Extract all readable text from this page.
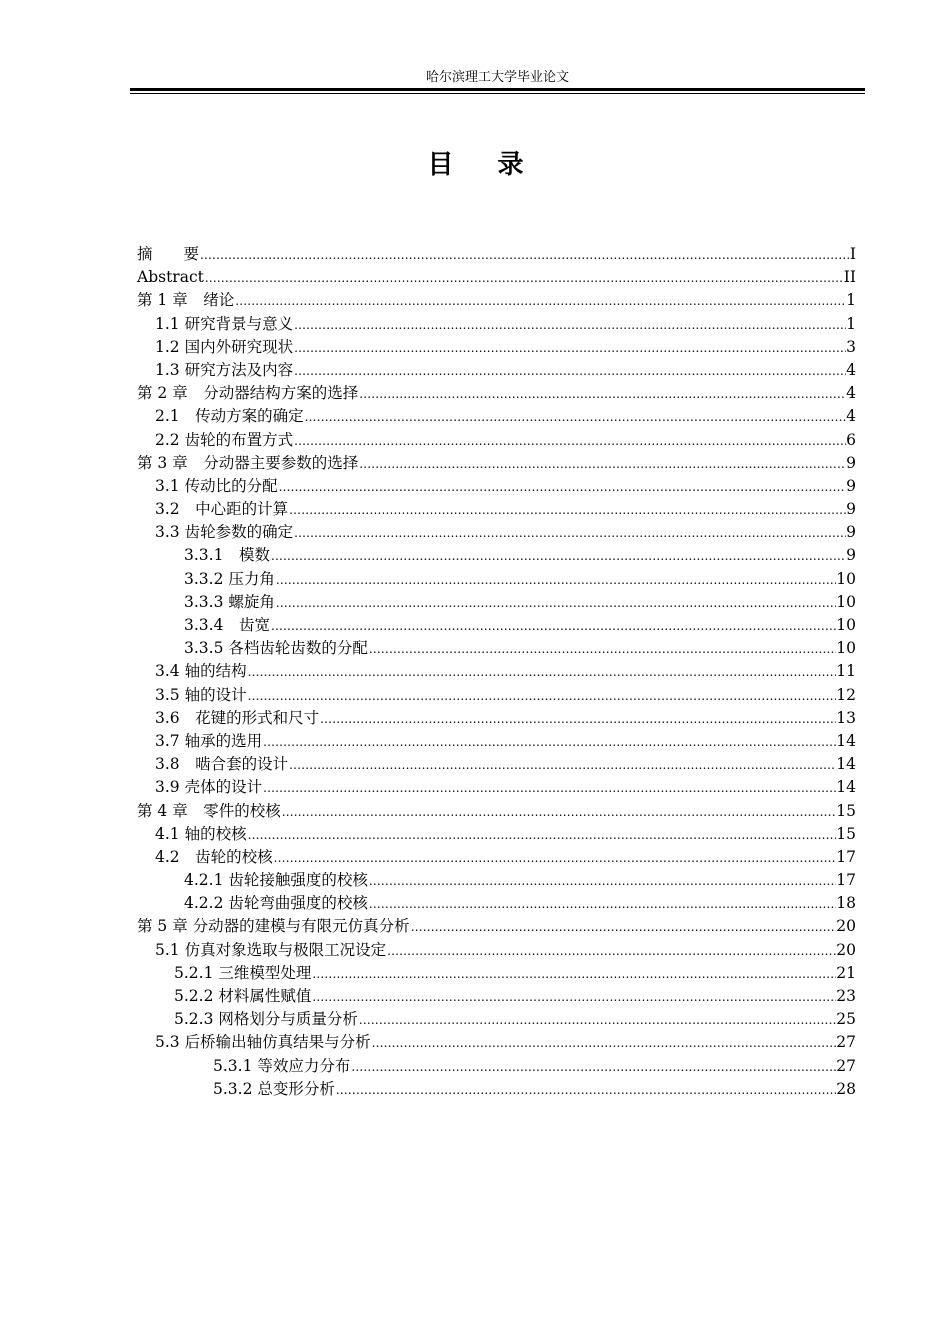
哈尔滨理工大学毕业论文
目录
摘　　要 .....	I
Abstract .....	II
第 1 章　绪论 .....	1
1.1 研究背景与意义 .....	1
1.2 国内外研究现状 .....	3
1.3 研究方法及内容 .....	4
第 2 章　分动器结构方案的选择 .....	4
2.1　传动方案的确定 .....	4
2.2 齿轮的布置方式 .....	6
第 3 章　分动器主要参数的选择 .....	9
3.1 传动比的分配 .....	9
3.2　中心距的计算 .....	9
3.3 齿轮参数的确定 .....	9
3.3.1　模数 .....	9
3.3.2 压力角 .....	10
3.3.3 螺旋角 .....	10
3.3.4　齿宽 .....	10
3.3.5 各档齿轮齿数的分配 .....	10
3.4 轴的结构 .....	11
3.5 轴的设计 .....	12
3.6　花键的形式和尺寸 .....	13
3.7 轴承的选用 .....	14
3.8　啮合套的设计 .....	14
3.9 壳体的设计 .....	14
第 4 章　零件的校核 .....	15
4.1 轴的校核 .....	15
4.2　齿轮的校核 .....	17
4.2.1 齿轮接触强度的校核 .....	17
4.2.2 齿轮弯曲强度的校核 .....	18
第 5 章 分动器的建模与有限元仿真分析 …………………………………………………………………………………………………………………………………………………………	20
5.1 仿真对象选取与极限工况设定 .....	20
5.2.1 三维模型处理 .....	21
5.2.2 材料属性赋值 .....	23
5.2.3 网格划分与质量分析 .....	25
5.3 后桥输出轴仿真结果与分析 .....	27
5.3.1 等效应力分布 .....	27
5.3.2 总变形分析 .....	28
